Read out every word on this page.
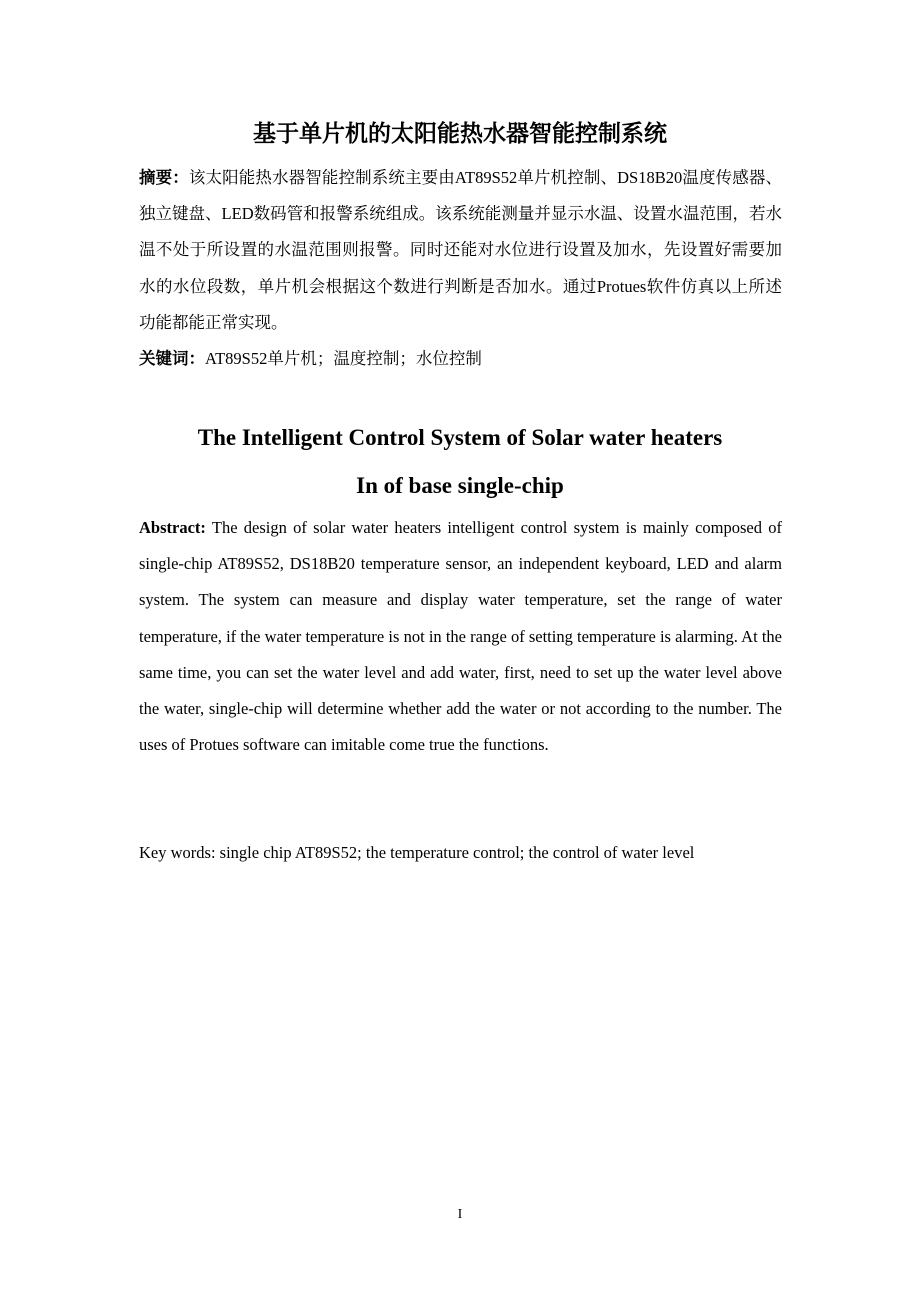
基于单片机的太阳能热水器智能控制系统
摘要：该太阳能热水器智能控制系统主要由AT89S52单片机控制、DS18B20温度传感器、独立键盘、LED数码管和报警系统组成。该系统能测量并显示水温、设置水温范围，若水温不处于所设置的水温范围则报警。同时还能对水位进行设置及加水，先设置好需要加水的水位段数，单片机会根据这个数进行判断是否加水。通过Protues软件仿真以上所述功能都能正常实现。
关键词：AT89S52单片机；温度控制；水位控制
The Intelligent Control System of Solar water heaters
In of base single-chip
Abstract: The design of solar water heaters intelligent control system is mainly composed of single-chip AT89S52, DS18B20 temperature sensor, an independent keyboard, LED and alarm system. The system can measure and display water temperature, set the range of water temperature, if the water temperature is not in the range of setting temperature is alarming. At the same time, you can set the water level and add water, first, need to set up the water level above the water, single-chip will determine whether add the water or not according to the number. The uses of Protues software can imitable come true the functions.
Key words: single chip AT89S52; the temperature control; the control of water level
I
